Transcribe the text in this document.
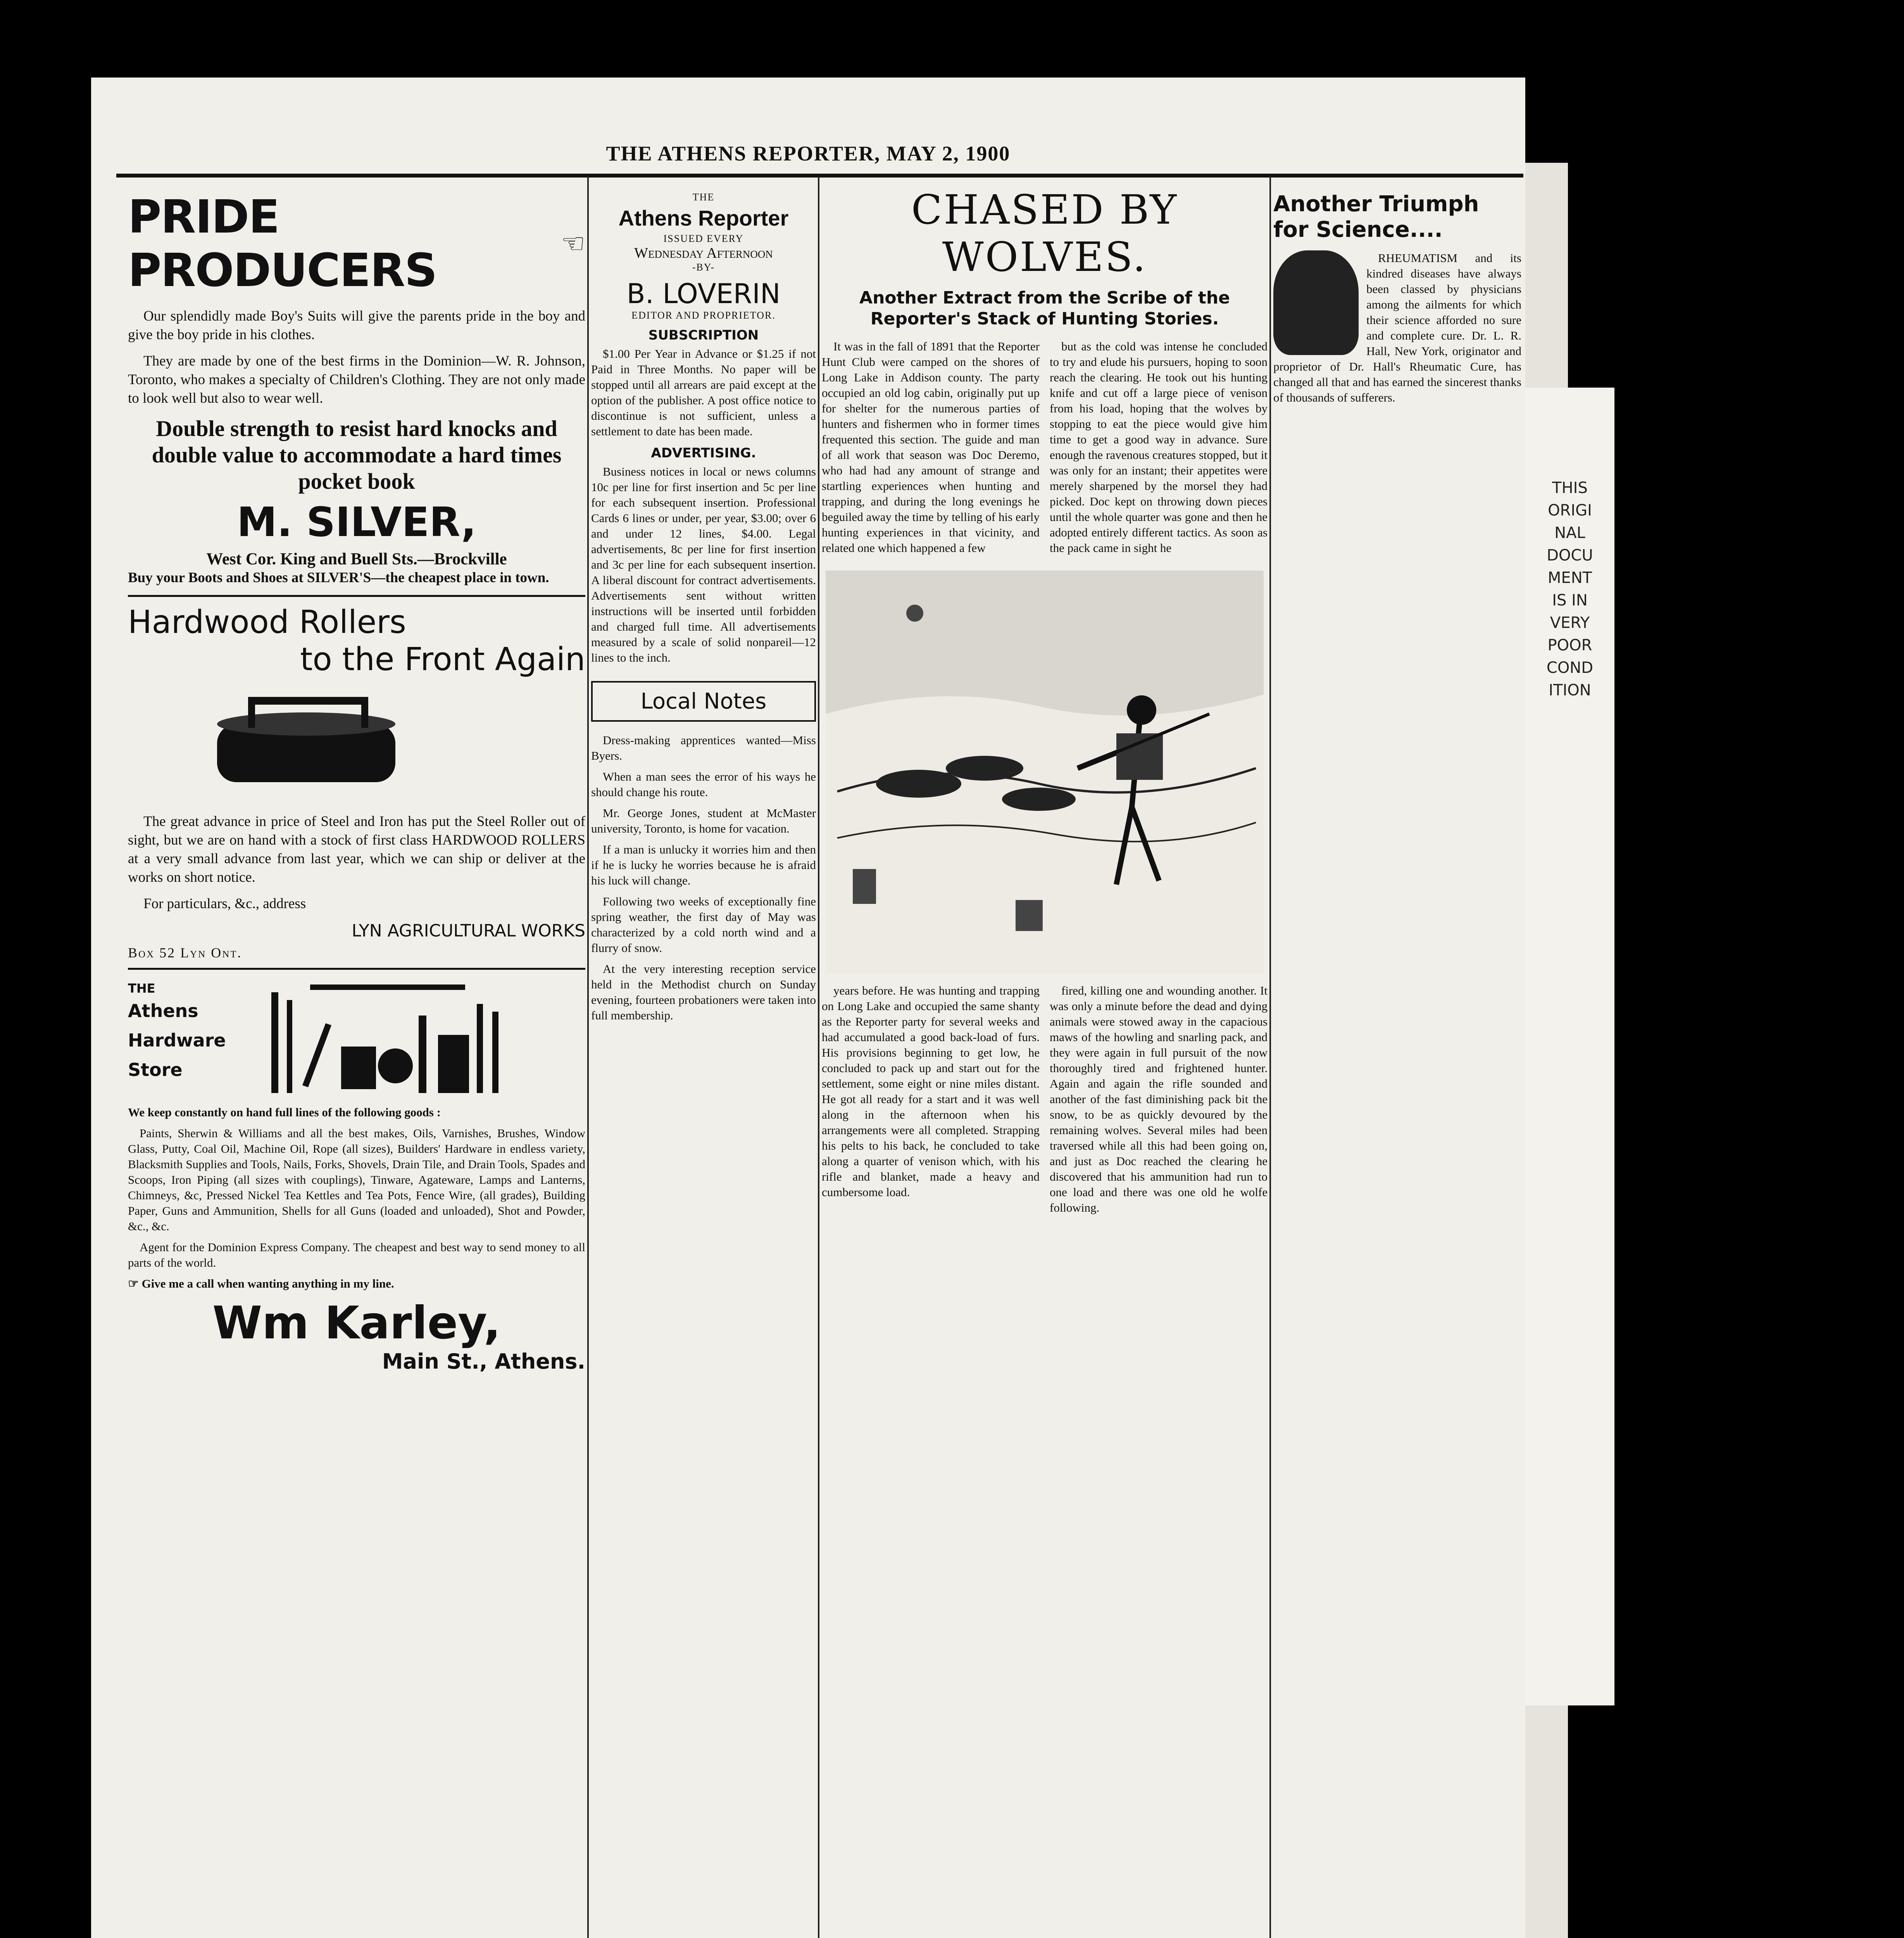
THIS ORIGINAL DOCUMENT IS IN VERY POOR CONDITION
THE ATHENS REPORTER, MAY 2, 1900
PRIDE PRODUCERS	☜

Our splendidly made Boy's Suits will give the parents pride in the boy and give the boy pride in his clothes.

They are made by one of the best firms in the Dominion—W. R. Johnson, Toronto, who makes a specialty of Children's Clothing. They are not only made to look well but also to wear well.

Double strength to resist hard knocks and double value to accommodate a hard times pocket book
M. SILVER,
West Cor. King and Buell Sts.—Brockville

Buy your Boots and Shoes at SILVER'S—the cheapest place in town.

Hardwood Rollers
to the Front Again

The great advance in price of Steel and Iron has put the Steel Roller out of sight, but we are on hand with a stock of first class HARDWOOD ROLLERS at a very small advance from last year, which we can ship or deliver at the works on short notice.

For particulars, &c., address

LYN AGRICULTURAL WORKS
Box 52 Lyn Ont.
THE
Athens
Hardware
Store

We keep constantly on hand full lines of the following goods :

Paints, Sherwin & Williams and all the best makes, Oils, Varnishes, Brushes, Window Glass, Putty, Coal Oil, Machine Oil, Rope (all sizes), Builders' Hardware in endless variety, Blacksmith Supplies and Tools, Nails, Forks, Shovels, Drain Tile, and Drain Tools, Spades and Scoops, Iron Piping (all sizes with couplings), Tinware, Agateware, Lamps and Lanterns, Chimneys, &c, Pressed Nickel Tea Kettles and Tea Pots, Fence Wire, (all grades), Building Paper, Guns and Ammunition, Shells for all Guns (loaded and unloaded), Shot and Powder, &c., &c.

Agent for the Dominion Express Company. The cheapest and best way to send money to all parts of the world.

☞ Give me a call when wanting anything in my line.

Wm Karley,
Main St., Athens.
THE
Athens Reporter
ISSUED EVERY
Wednesday Afternoon
-BY-
B. LOVERIN
EDITOR AND PROPRIETOR.
SUBSCRIPTION

$1.00 Per Year in Advance or $1.25 if not Paid in Three Months. No paper will be stopped until all arrears are paid except at the option of the publisher. A post office notice to discontinue is not sufficient, unless a settlement to date has been made.

ADVERTISING.

Business notices in local or news columns 10c per line for first insertion and 5c per line for each subsequent insertion. Professional Cards 6 lines or under, per year, $3.00; over 6 and under 12 lines, $4.00. Legal advertisements, 8c per line for first insertion and 3c per line for each subsequent insertion. A liberal discount for contract advertisements. Advertisements sent without written instructions will be inserted until forbidden and charged full time. All advertisements measured by a scale of solid nonpareil—12 lines to the inch.

Local Notes

Dress-making apprentices wanted—Miss Byers.

When a man sees the error of his ways he should change his route.

Mr. George Jones, student at McMaster university, Toronto, is home for vacation.

If a man is unlucky it worries him and then if he is lucky he worries because he is afraid his luck will change.

Following two weeks of exceptionally fine spring weather, the first day of May was characterized by a cold north wind and a flurry of snow.

At the very interesting reception service held in the Methodist church on Sunday evening, fourteen probationers were taken into full membership.

CHASED BY WOLVES.
Another Extract from the Scribe of the Reporter's Stack of Hunting Stories.

It was in the fall of 1891 that the Reporter Hunt Club were camped on the shores of Long Lake in Addison county. The party occupied an old log cabin, originally put up for shelter for the numerous parties of hunters and fishermen who in former times frequented this section. The guide and man of all work that season was Doc Deremo, who had had any amount of strange and startling experiences when hunting and trapping, and during the long evenings he beguiled away the time by telling of his early hunting experiences in that vicinity, and related one which happened a few

but as the cold was intense he concluded to try and elude his pursuers, hoping to soon reach the clearing. He took out his hunting knife and cut off a large piece of venison from his load, hoping that the wolves by stopping to eat the piece would give him time to get a good way in advance. Sure enough the ravenous creatures stopped, but it was only for an instant; their appetites were merely sharpened by the morsel they had picked. Doc kept on throwing down pieces until the whole quarter was gone and then he adopted entirely different tactics. As soon as the pack came in sight he

years before. He was hunting and trapping on Long Lake and occupied the same shanty as the Reporter party for several weeks and had accumulated a good back-load of furs. His provisions beginning to get low, he concluded to pack up and start out for the settlement, some eight or nine miles distant. He got all ready for a start and it was well along in the afternoon when his arrangements were all completed. Strapping his pelts to his back, he concluded to take along a quarter of venison which, with his rifle and blanket, made a heavy and cumbersome load.

fired, killing one and wounding another. It was only a minute before the dead and dying animals were stowed away in the capacious maws of the howling and snarling pack, and they were again in full pursuit of the now thoroughly tired and frightened hunter. Again and again the rifle sounded and another of the fast diminishing pack bit the snow, to be as quickly devoured by the remaining wolves. Several miles had been traversed while all this had been going on, and just as Doc reached the clearing he discovered that his ammunition had run to one load and there was one old he wolfe following.

Another Triumph
for Science....

RHEUMATISM and its kindred diseases have always been classed by physicians among the ailments for which their science afforded no sure and complete cure. Dr. L. R. Hall, New York, originator and proprietor of Dr. Hall's Rheumatic Cure, has changed all that and has earned the sincerest thanks of thousands of sufferers.
